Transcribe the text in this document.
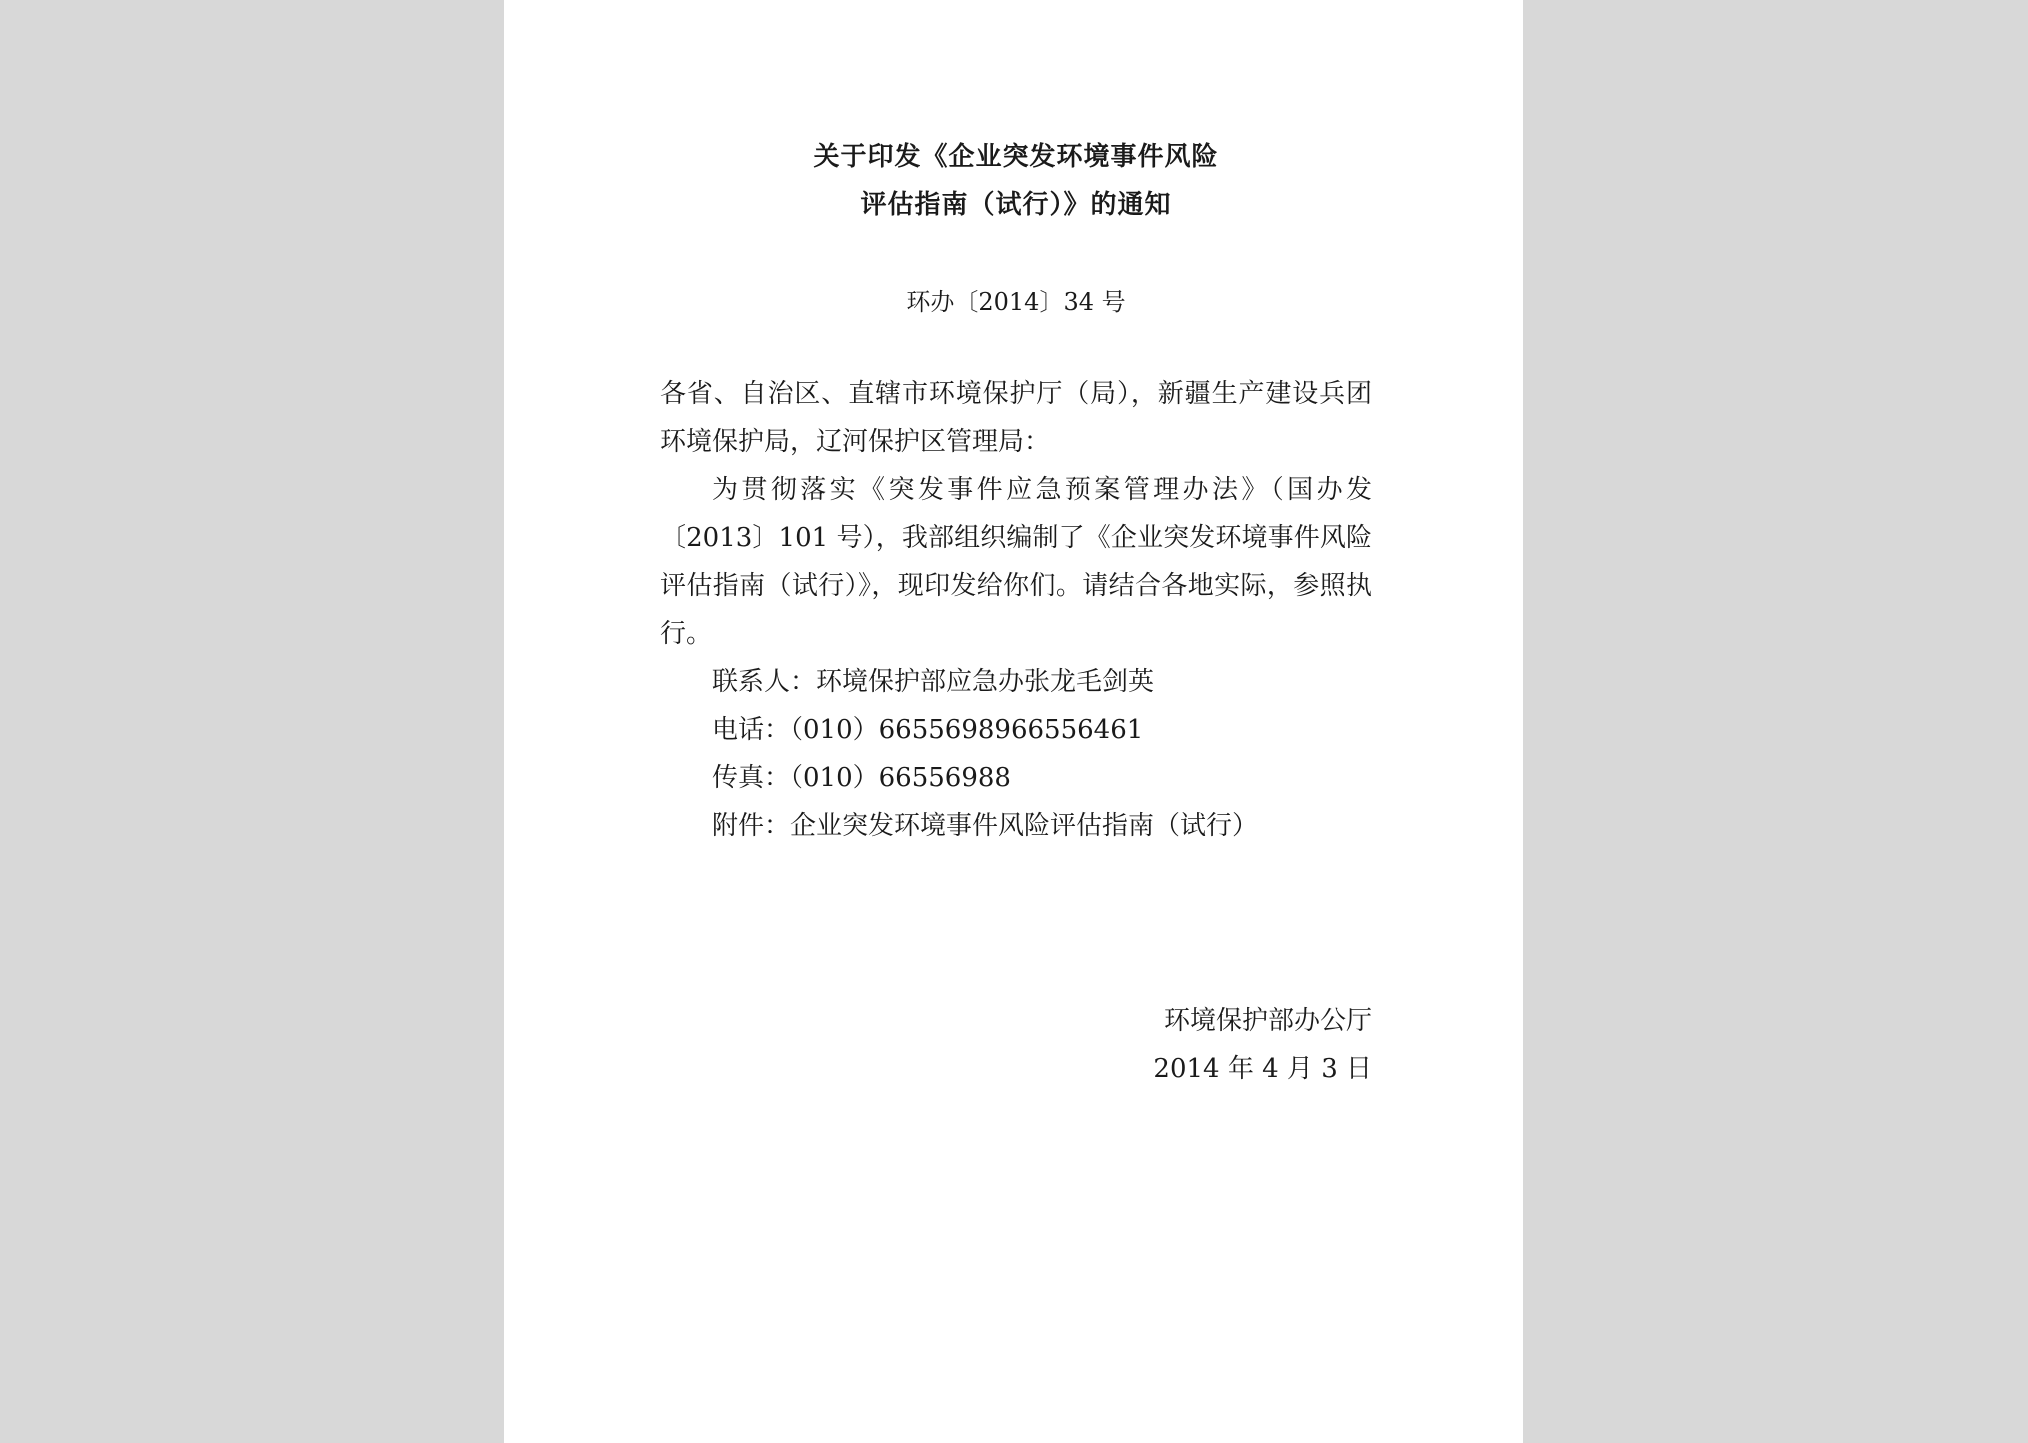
关于印发《企业突发环境事件风险
评估指南（试行）》的通知
环办〔2014〕34 号

各省、自治区、直辖市环境保护厅（局），新疆生产建设兵团环境保护局，辽河保护区管理局：

为贯彻落实《突发事件应急预案管理办法》（国办发〔2013〕101 号），我部组织编制了《企业突发环境事件风险评估指南（试行）》，现印发给你们。请结合各地实际，参照执行。

联系人：环境保护部应急办张龙毛剑英

电话：（010）6655698966556461

传真：（010）66556988

附件：企业突发环境事件风险评估指南（试行）

环境保护部办公厅
2014 年 4 月 3 日
